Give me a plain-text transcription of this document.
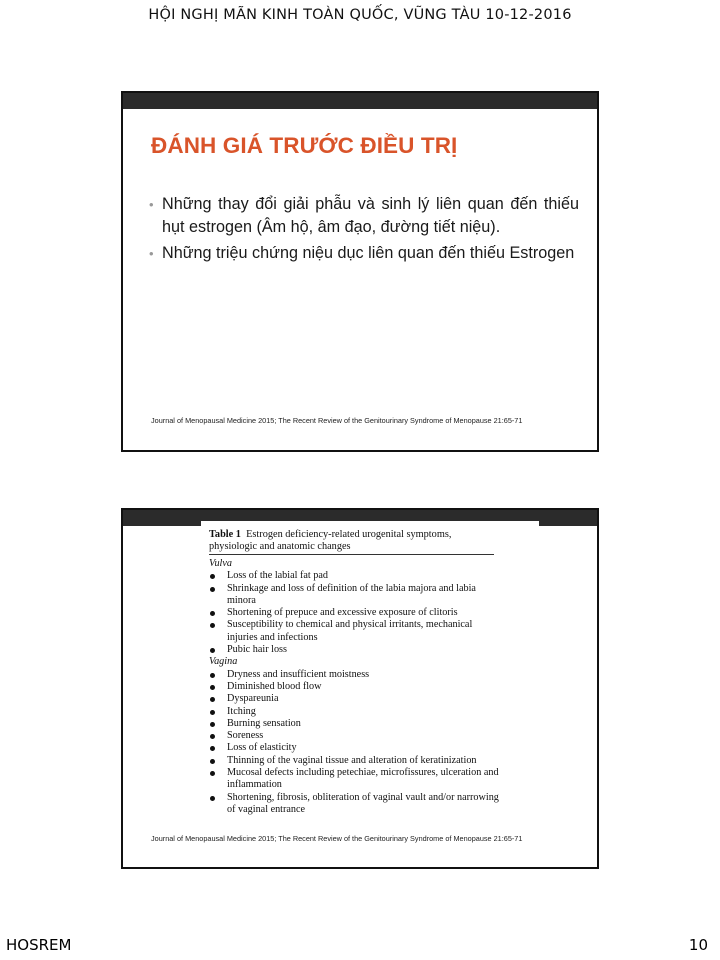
HỘI NGHỊ MÃN KINH TOÀN QUỐC, VŨNG TÀU 10-12-2016
ĐÁNH GIÁ TRƯỚC ĐIỀU TRỊ
• Những thay đổi giải phẫu và sinh lý liên quan đến thiếu hụt estrogen (Âm hộ, âm đạo, đường tiết niệu).
• Những triệu chứng niệu dục liên quan đến thiếu Estrogen
Journal of Menopausal Medicine 2015; The Recent Review of the Genitourinary Syndrome of Menopause 21:65-71
Table 1 Estrogen deficiency-related urogenital symptoms, physiologic and anatomic changes
Vulva
Loss of the labial fat pad
Shrinkage and loss of definition of the labia majora and labia minora
Shortening of prepuce and excessive exposure of clitoris
Susceptibility to chemical and physical irritants, mechanical injuries and infections
Pubic hair loss
Vagina
Dryness and insufficient moistness
Diminished blood flow
Dyspareunia
Itching
Burning sensation
Soreness
Loss of elasticity
Thinning of the vaginal tissue and alteration of keratinization
Mucosal defects including petechiae, microfissures, ulceration and inflammation
Shortening, fibrosis, obliteration of vaginal vault and/or narrowing of vaginal entrance
Journal of Menopausal Medicine 2015; The Recent Review of the Genitourinary Syndrome of Menopause 21:65-71
HOSREM	10
